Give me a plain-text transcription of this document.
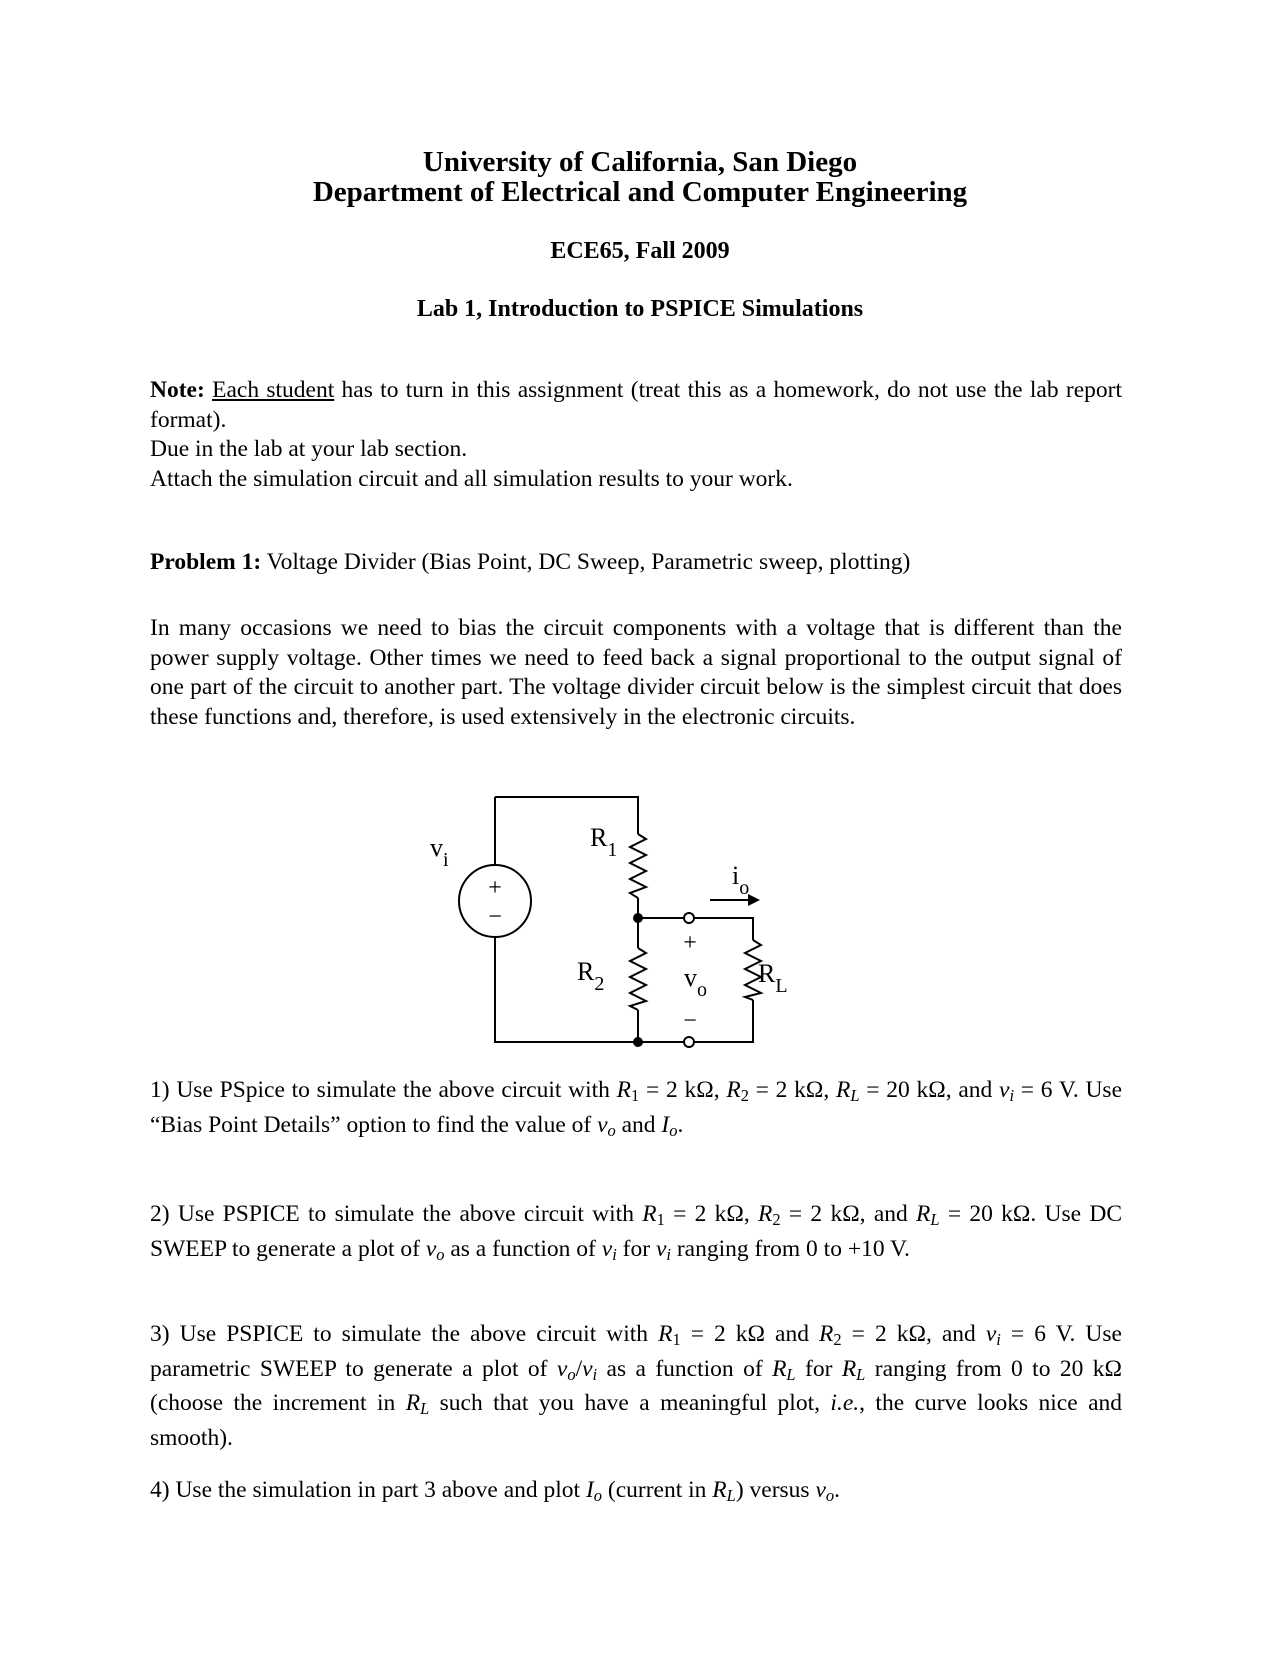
University of California, San Diego
Department of Electrical and Computer Engineering
ECE65, Fall 2009
Lab 1, Introduction to PSPICE Simulations
Note: Each student has to turn in this assignment (treat this as a homework, do not use the lab report format).
Due in the lab at your lab section.
Attach the simulation circuit and all simulation results to your work.
Problem 1: Voltage Divider (Bias Point, DC Sweep, Parametric sweep, plotting)
In many occasions we need to bias the circuit components with a voltage that is different than the power supply voltage. Other times we need to feed back a signal proportional to the output signal of one part of the circuit to another part. The voltage divider circuit below is the simplest circuit that does these functions and, therefore, is used extensively in the electronic circuits.
+
−
$v_i$
$R_1$
$R_2$	$R_L$
+
$v_o$
−
$i_o$
1) Use PSpice to simulate the above circuit with $R_1 = 2$ kΩ, $R_2 = 2$ kΩ, $R_L = 20$ kΩ, and $v_i = 6$ V. Use “Bias Point Details” option to find the value of $v_o$ and $I_o$.
2) Use PSPICE to simulate the above circuit with $R_1 = 2$ kΩ, $R_2 = 2$ kΩ, and $R_L = 20$ kΩ. Use DC SWEEP to generate a plot of $v_o$ as a function of $v_i$ for $v_i$ ranging from 0 to +10 V.
3) Use PSPICE to simulate the above circuit with $R_1 = 2$ kΩ and $R_2 = 2$ kΩ, and $v_i = 6$ V. Use parametric SWEEP to generate a plot of $v_o/v_i$ as a function of $R_L$ for $R_L$ ranging from 0 to 20 kΩ (choose the increment in $R_L$ such that you have a meaningful plot, i.e., the curve looks nice and smooth).
4) Use the simulation in part 3 above and plot $I_o$ (current in $R_L$) versus $v_o$.
